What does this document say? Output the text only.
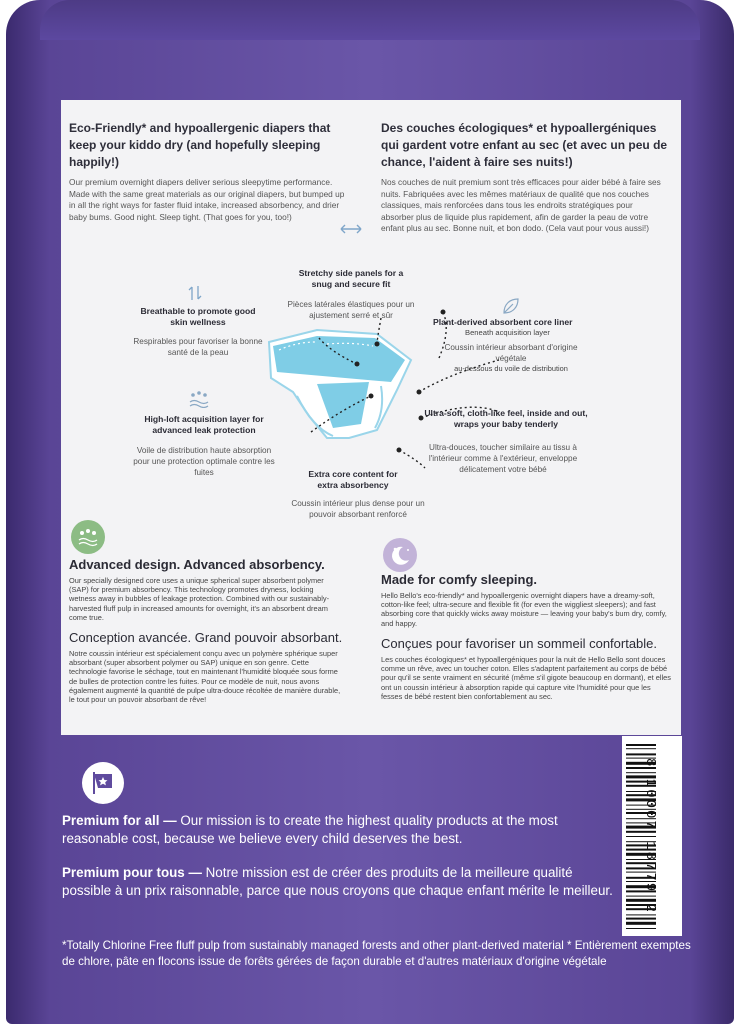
Eco-Friendly* and hypoallergenic diapers that keep your kiddo dry (and hopefully sleeping happily!)
Our premium overnight diapers deliver serious sleepytime performance. Made with the same great materials as our original diapers, but bumped up in all the right ways for faster fluid intake, increased absorbency, and drier baby bums. Good night. Sleep tight. (That goes for you, too!)
Des couches écologiques* et hypoallergéniques qui gardent votre enfant au sec (et avec un peu de chance, l'aident à faire ses nuits!)
Nos couches de nuit premium sont très efficaces pour aider bébé à faire ses nuits. Fabriquées avec les mêmes matériaux de qualité que nos couches classiques, mais renforcées dans tous les endroits stratégiques pour absorber plus de liquide plus rapidement, afin de garder la peau de votre enfant plus au sec. Bonne nuit, et bon dodo. (Cela vaut pour vous aussi!)
Stretchy side panels for a snug and secure fit
Pièces latérales élastiques pour un ajustement serré et sûr
Breathable to promote good skin wellness
Respirables pour favoriser la bonne santé de la peau
Plant-derived absorbent core liner
Beneath acquisition layer
Coussin intérieur absorbant d'origine végétale
au-dessous du voile de distribution
High-loft acquisition layer for advanced leak protection
Voile de distribution haute absorption pour une protection optimale contre les fuites
Ultra-soft, cloth-like feel, inside and out, wraps your baby tenderly
Ultra-douces, toucher similaire au tissu à l'intérieur comme à l'extérieur, enveloppe délicatement votre bébé
Extra core content for extra absorbency
Coussin intérieur plus dense pour un pouvoir absorbant renforcé
Advanced design. Advanced absorbency.
Our specially designed core uses a unique spherical super absorbent polymer (SAP) for premium absorbency. This technology promotes dryness, locking wetness away in bubbles of leakage protection. Combined with our sustainably-harvested fluff pulp in increased amounts for overnight, it's an absorbent dream come true.
Conception avancée. Grand pouvoir absorbant.
Notre coussin intérieur est spécialement conçu avec un polymère sphérique super absorbant (super absorbent polymer ou SAP) unique en son genre. Cette technologie favorise le séchage, tout en maintenant l'humidité bloquée sous forme de bulles de protection contre les fuites. Pour ce modèle de nuit, nous avons également augmenté la quantité de pulpe ultra-douce récoltée de manière durable, le tout pour un pouvoir absorbant de rêve!
Made for comfy sleeping.
Hello Bello's eco-friendly* and hypoallergenic overnight diapers have a dreamy-soft, cotton-like feel; ultra-secure and flexible fit (for even the wiggliest sleepers); and fast absorbing core that quickly wicks away moisture — leaving your baby's bum dry, comfy, and happy.
Conçues pour favoriser un sommeil confortable.
Les couches écologiques* et hypoallergéniques pour la nuit de Hello Bello sont douces comme un rêve, avec un toucher coton. Elles s'adaptent parfaitement au corps de bébé pour qu'il se sente vraiment en sécurité (même s'il gigote beaucoup en dormant), et elles ont un coussin intérieur à absorption rapide qui capture vite l'humidité pour que les fesses de bébé restent bien confortablement au sec.
8 10007 18779 2
Premium for all — Our mission is to create the highest quality products at the most reasonable cost, because we believe every child deserves the best.
Premium pour tous — Notre mission est de créer des produits de la meilleure qualité possible à un prix raisonnable, parce que nous croyons que chaque enfant mérite le meilleur.
*Totally Chlorine Free fluff pulp from sustainably managed forests and other plant-derived material * Entièrement exemptes de chlore, pâte en flocons issue de forêts gérées de façon durable et d'autres matériaux d'origine végétale
